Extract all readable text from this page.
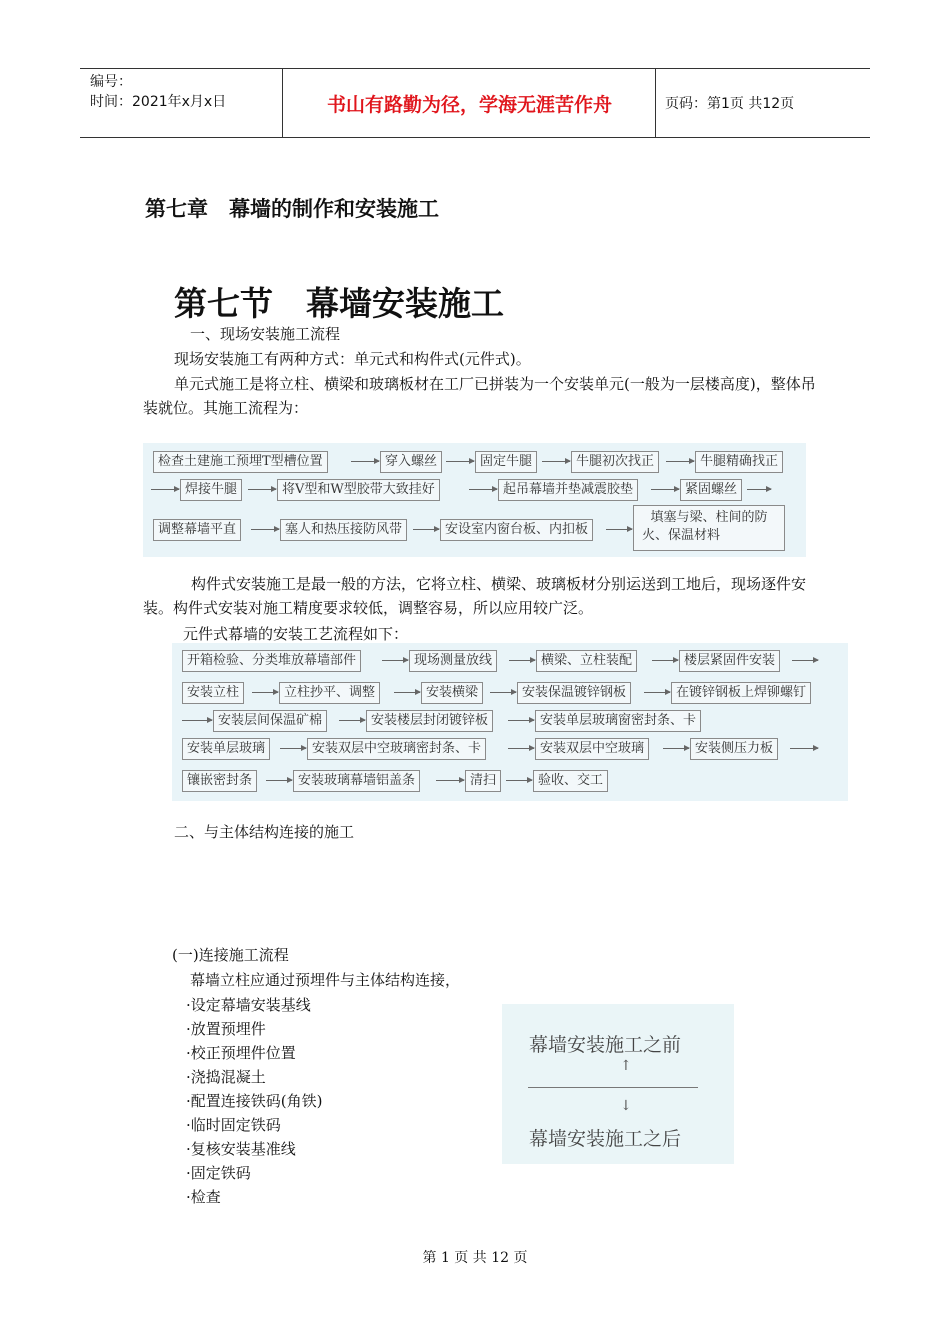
编号：
时间：2021年x月x日	书山有路勤为径，学海无涯苦作舟	页码：第1页 共12页
第七章　幕墙的制作和安装施工
第七节　幕墙安装施工
一、现场安装施工流程
现场安装施工有两种方式：单元式和构件式(元件式)。
单元式施工是将立柱、横梁和玻璃板材在工厂已拼装为一个安装单元(一般为一层楼高度)，整体吊装就位。其施工流程为：
检查土建施工预埋T型槽位置	穿入螺丝	固定牛腿	牛腿初次找正	牛腿精确找正
焊接牛腿	将V型和W型胶带大致挂好	起吊幕墙并垫减震胶垫	紧固螺丝
调整幕墙平直	塞人和热压接防风带	安设室内窗台板、内扣板
填塞与梁、柱间的防
火、保温材料
构件式安装施工是最一般的方法，它将立柱、横梁、玻璃板材分别运送到工地后，现场逐件安装。构件式安装对施工精度要求较低，调整容易，所以应用较广泛。
元件式幕墙的安装工艺流程如下：
开箱检验、分类堆放幕墙部件	现场测量放线	横梁、立柱装配	楼层紧固件安装
安装立柱	立柱抄平、调整	安装横梁	安装保温镀锌钢板	在镀锌钢板上焊铆螺钉
安装层间保温矿棉	安装楼层封闭镀锌板	安装单层玻璃窗密封条、卡
安装单层玻璃	安装双层中空玻璃密封条、卡	安装双层中空玻璃	安装侧压力板
镶嵌密封条	安装玻璃幕墙铝盖条	清扫	验收、交工
二、与主体结构连接的施工
(一)连接施工流程
幕墙立柱应通过预埋件与主体结构连接，
·设定幕墙安装基线
·放置预埋件
·校正预埋件位置
·浇捣混凝土
·配置连接铁码(角铁)
·临时固定铁码
·复核安装基准线
·固定铁码
·检查
幕墙安装施工之前
↑
↓
幕墙安装施工之后
第 1 页 共 12 页
